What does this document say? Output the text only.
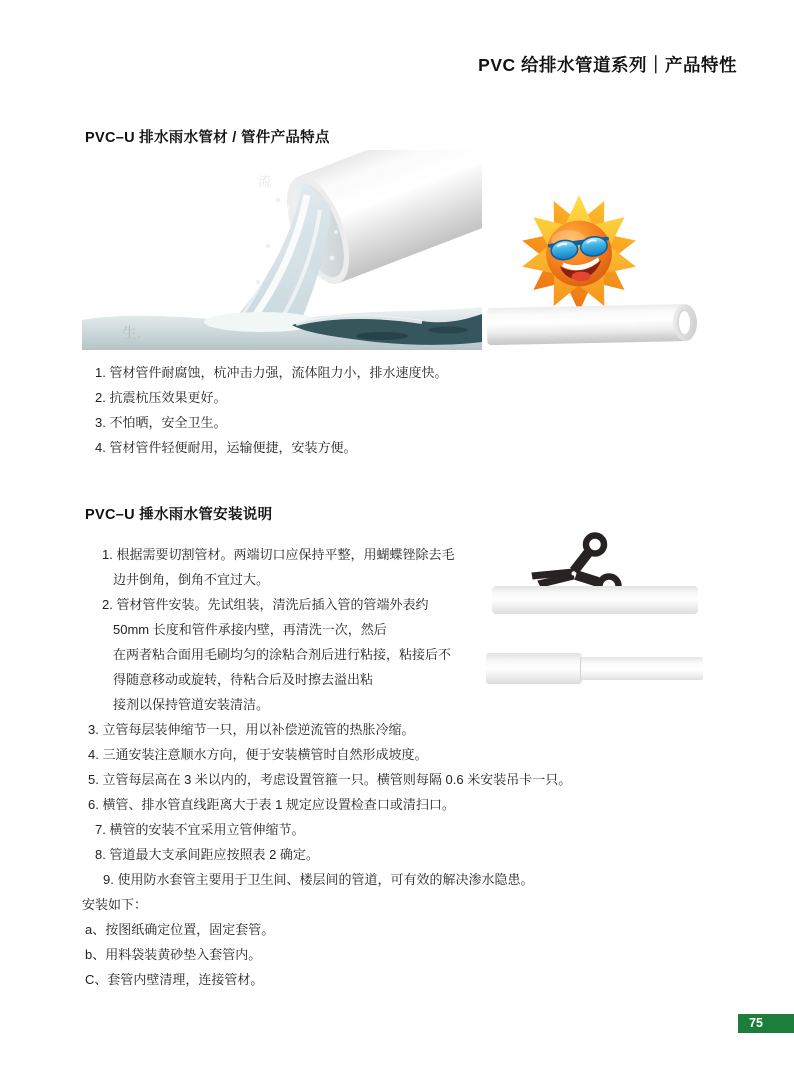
PVC 给排水管道系列｜产品特性
PVC–U 排水雨水管材 / 管件产品特点
流
生.
1. 管材管件耐腐蚀，杭冲击力强，流体阻力小，排水速度快。
2. 抗震杭压效果更好。
3. 不怕晒，安全卫生。
4. 管材管件轻便耐用，运输便捷，安装方便。
PVC–U 捶水雨水管安装说明
1. 根据需要切割管材。两端切口应保持平整，用蝴蝶锉除去毛
边井倒角，倒角不宜过大。
2. 管材管件安装。先试组装，清洗后插入管的管端外表约
50mm 长度和管件承接内壁，再清洗一次，然后
在两者粘合面用毛刷均匀的涂粘合剂后进行粘接，粘接后不
得随意移动或旋转，待粘合后及时擦去溢出粘
接剂以保持管道安装清洁。
3. 立管每层装伸缩节一只，用以补偿逆流管的热胀冷缩。
4. 三通安装注意顺水方向，便于安装横管时自然形成坡度。
5. 立管每层高在 3 米以内的，考虑设置管箍一只。横管则每隔 0.6 米安装吊卡一只。
6. 横管、排水管直线距离大于表 1 规定应设置检查口或清扫口。
7. 横管的安装不宜采用立管伸缩节。
8. 管道最大支承间距应按照表 2 确定。
9. 使用防水套管主要用于卫生间、楼层间的管道，可有效的解决渗水隐患。
安装如下：
a、按图纸确定位置，固定套管。
b、用料袋装黄砂垫入套管内。
C、套管内壁清理，连接管材。
75
